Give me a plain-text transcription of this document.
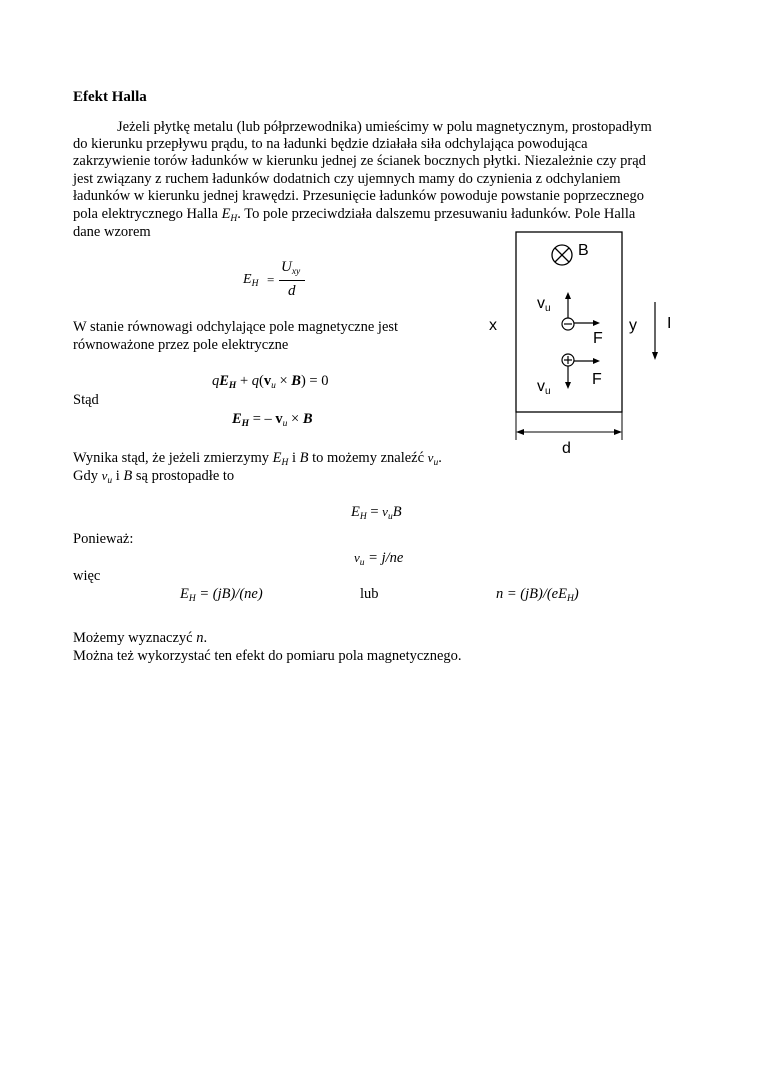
Efekt Halla
Jeżeli płytkę metalu (lub półprzewodnika) umieścimy w polu magnetycznym, prostopadłym
do kierunku przepływu prądu, to na ładunki będzie działała siła odchylająca powodująca
zakrzywienie torów ładunków w kierunku jednej ze ścianek bocznych płytki. Niezależnie czy prąd
jest związany z ruchem ładunków dodatnich czy ujemnych mamy do czynienia z odchylaniem
ładunków w kierunku jednej krawędzi. Przesunięcie ładunków powoduje powstanie poprzecznego
pola elektrycznego Halla $E_H$. To pole przeciwdziała dalszemu przesuwaniu ładunków. Pole Halla
dane wzorem
$E_H$ =
$U_{xy}$
d
W stanie równowagi odchylające pole magnetyczne jest
równoważone przez pole elektryczne
$qE_H + q(v_u \times B) = 0$
Stąd
$E_H$ = – $v_u \times B$
Wynika stąd, że jeżeli zmierzymy $E_H$ i B to możemy znaleźć $v_u$.
Gdy $v_u$ i B są prostopadłe to
$E_H = v_uB$
Ponieważ:
$v_u = j/ne$
więc
$E_H = (jB)/(ne)$	lub	$n = (jB)/(eE_H)$
Możemy wyznaczyć n.
Można też wykorzystać ten efekt do pomiaru pola magnetycznego.
B
vu
F
F
vu
x	y I
d
